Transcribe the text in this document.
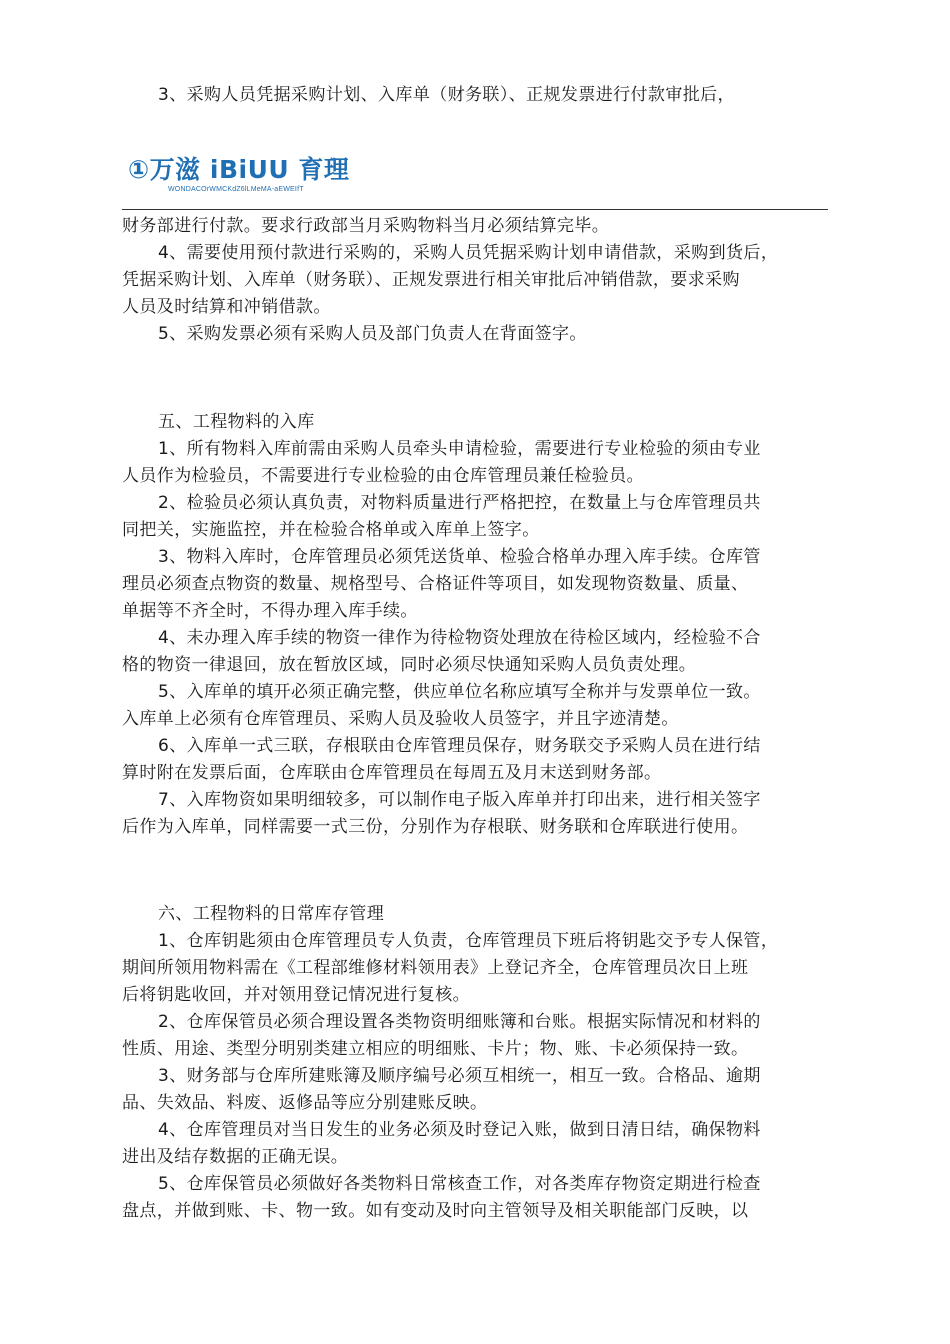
3、采购人员凭据采购计划、入库单（财务联）、正规发票进行付款审批后，
①万滋 iBiUU 育理
WONDACOrWMCKdZ6lLMeMA-aEWEIfT
财务部进行付款。要求行政部当月采购物料当月必须结算完毕。
4、需要使用预付款进行采购的，采购人员凭据采购计划申请借款，采购到货后，
凭据采购计划、入库单（财务联）、正规发票进行相关审批后冲销借款，要求采购
人员及时结算和冲销借款。
5、采购发票必须有采购人员及部门负责人在背面签字。
五、工程物料的入库
1、所有物料入库前需由采购人员牵头申请检验，需要进行专业检验的须由专业
人员作为检验员，不需要进行专业检验的由仓库管理员兼任检验员。
2、检验员必须认真负责，对物料质量进行严格把控，在数量上与仓库管理员共
同把关，实施监控，并在检验合格单或入库单上签字。
3、物料入库时，仓库管理员必须凭送货单、检验合格单办理入库手续。仓库管
理员必须查点物资的数量、规格型号、合格证件等项目，如发现物资数量、质量、
单据等不齐全时，不得办理入库手续。
4、未办理入库手续的物资一律作为待检物资处理放在待检区域内，经检验不合
格的物资一律退回，放在暂放区域，同时必须尽快通知采购人员负责处理。
5、入库单的填开必须正确完整，供应单位名称应填写全称并与发票单位一致。
入库单上必须有仓库管理员、采购人员及验收人员签字，并且字迹清楚。
6、入库单一式三联，存根联由仓库管理员保存，财务联交予采购人员在进行结
算时附在发票后面，仓库联由仓库管理员在每周五及月末送到财务部。
7、入库物资如果明细较多，可以制作电子版入库单并打印出来，进行相关签字
后作为入库单，同样需要一式三份，分别作为存根联、财务联和仓库联进行使用。
六、工程物料的日常库存管理
1、仓库钥匙须由仓库管理员专人负责，仓库管理员下班后将钥匙交予专人保管，
期间所领用物料需在《工程部维修材料领用表》上登记齐全，仓库管理员次日上班
后将钥匙收回，并对领用登记情况进行复核。
2、仓库保管员必须合理设置各类物资明细账簿和台账。根据实际情况和材料的
性质、用途、类型分明别类建立相应的明细账、卡片；物、账、卡必须保持一致。
3、财务部与仓库所建账簿及顺序编号必须互相统一，相互一致。合格品、逾期
品、失效品、料废、返修品等应分别建账反映。
4、仓库管理员对当日发生的业务必须及时登记入账，做到日清日结，确保物料
进出及结存数据的正确无误。
5、仓库保管员必须做好各类物料日常核查工作，对各类库存物资定期进行检查
盘点，并做到账、卡、物一致。如有变动及时向主管领导及相关职能部门反映，以
